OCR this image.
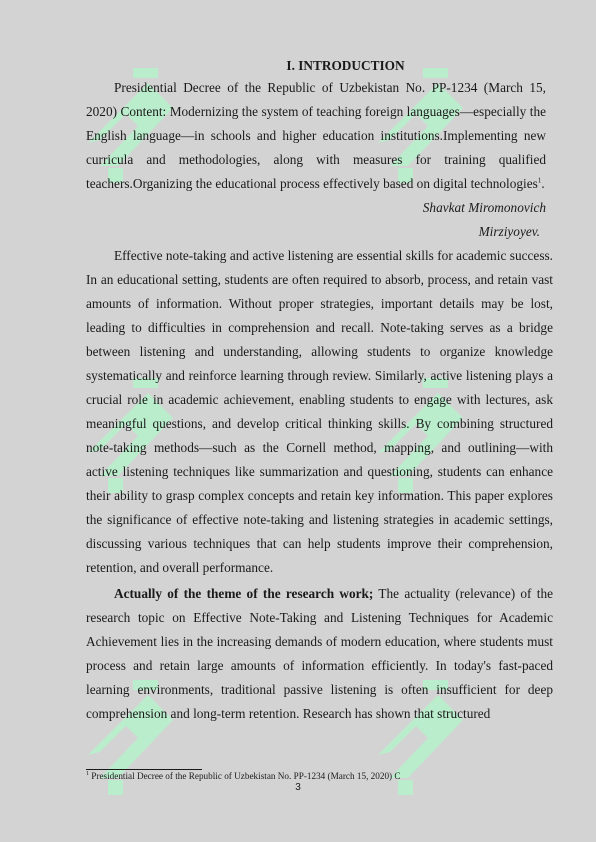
I. INTRODUCTION

Presidential Decree of the Republic of Uzbekistan No. PP-1234 (March 15, 2020) Content: Modernizing the system of teaching foreign languages—especially the English language—in schools and higher education institutions.Implementing new curricula and methodologies, along with measures for training qualified teachers.Organizing the educational process effectively based on digital technologies$^1$.

Shavkat Miromonovich
Mirziyoyev.

Effective note-taking and active listening are essential skills for academic success. In an educational setting, students are often required to absorb, process, and retain vast amounts of information. Without proper strategies, important details may be lost, leading to difficulties in comprehension and recall. Note-taking serves as a bridge between listening and understanding, allowing students to organize knowledge systematically and reinforce learning through review. Similarly, active listening plays a crucial role in academic achievement, enabling students to engage with lectures, ask meaningful questions, and develop critical thinking skills. By combining structured note-taking methods—such as the Cornell method, mapping, and outlining—with active listening techniques like summarization and questioning, students can enhance their ability to grasp complex concepts and retain key information. This paper explores the significance of effective note-taking and listening strategies in academic settings, discussing various techniques that can help students improve their comprehension, retention, and overall performance.

Actually of the theme of the research work; The actuality (relevance) of the research topic on Effective Note-Taking and Listening Techniques for Academic Achievement lies in the increasing demands of modern education, where students must process and retain large amounts of information efficiently. In today's fast-paced learning environments, traditional passive listening is often insufficient for deep comprehension and long-term retention. Research has shown that structured

$^1$ Presidential Decree of the Republic of Uzbekistan No. PP-1234 (March 15, 2020) C
3
